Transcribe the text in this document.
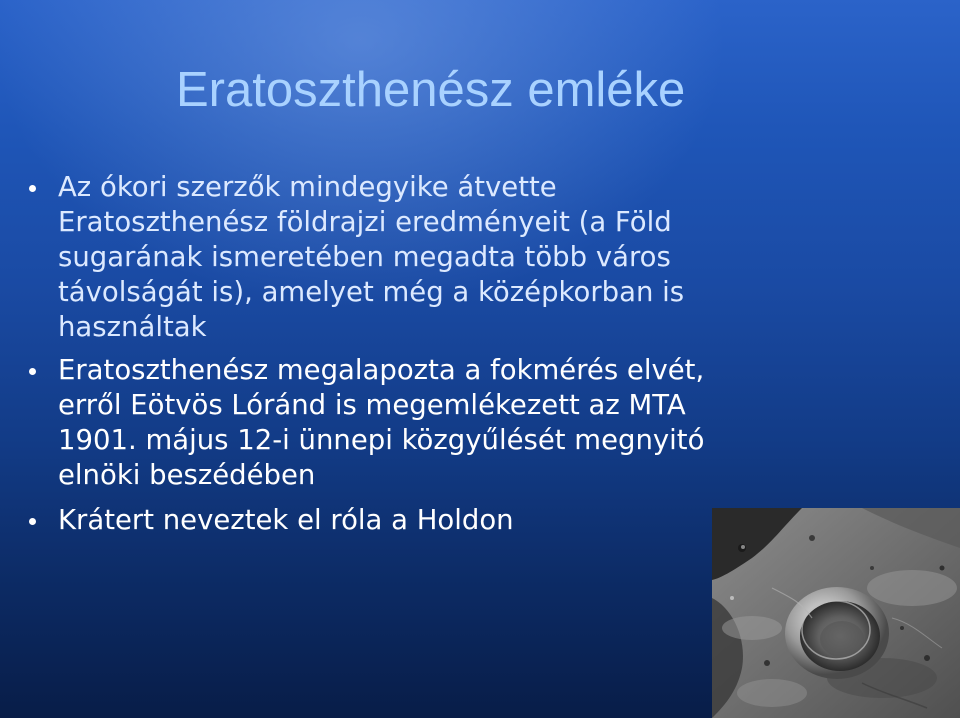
Eratoszthenész emléke
Az ókori szerzők mindegyike átvette
Eratoszthenész földrajzi eredményeit (a Föld
sugarának ismeretében megadta több város
távolságát is), amelyet még a középkorban is
használtak
Eratoszthenész megalapozta a fokmérés elvét,
erről Eötvös Lóránd is megemlékezett az MTA
1901. május 12-i ünnepi közgyűlését megnyitó
elnöki beszédében
Krátert neveztek el róla a Holdon
